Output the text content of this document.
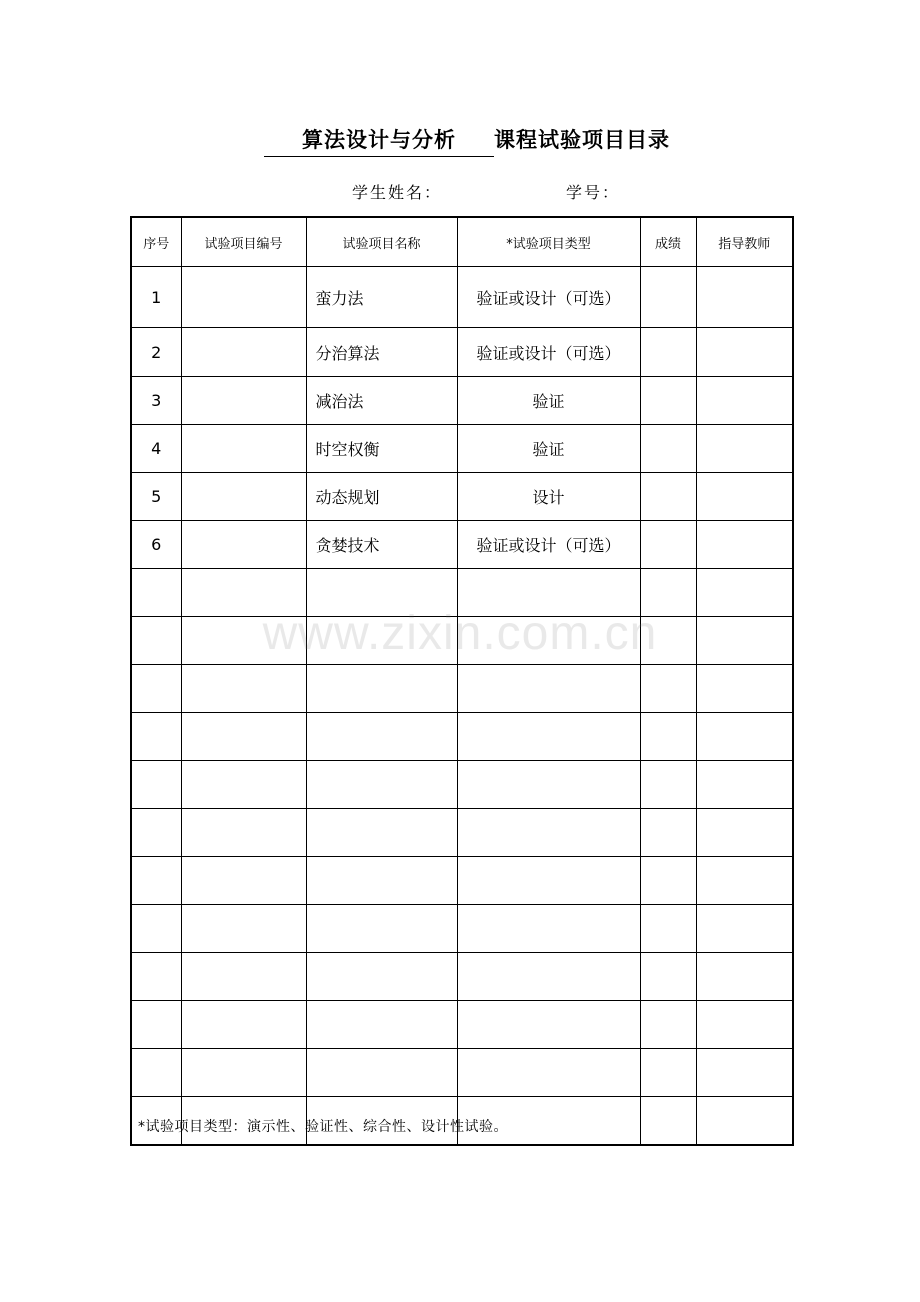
算法设计与分析	课程试验项目目录
学生姓名：	学号：
序号	试验项目编号	试验项目名称	*试验项目类型	成绩	指导教师
1		蛮力法	验证或设计（可选）		
2		分治算法	验证或设计（可选）		
3		减治法	验证		
4		时空权衡	验证		
5		动态规划	设计		
6		贪婪技术	验证或设计（可选）		

www.zixin.com.cn
*试验项目类型：演示性、验证性、综合性、设计性试验。
